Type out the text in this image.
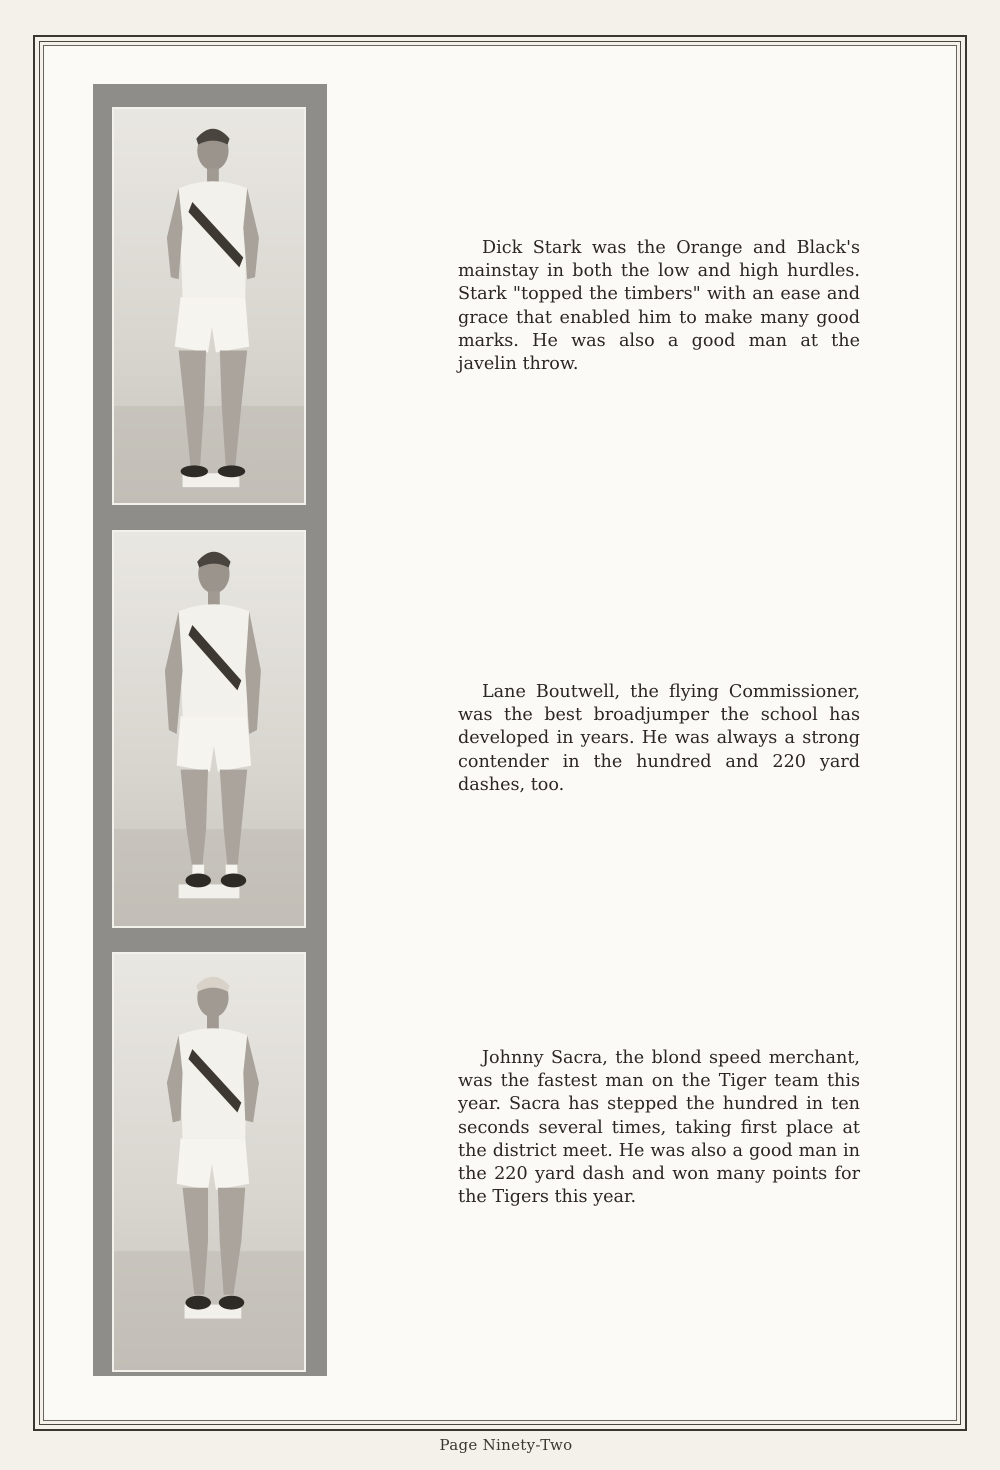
Dick Stark was the Orange and Black's mainstay in both the low and high hurdles. Stark "topped the timbers" with an ease and grace that enabled him to make many good marks. He was also a good man at the javelin throw.

Lane Boutwell, the flying Commissioner, was the best broadjumper the school has developed in years. He was always a strong contender in the hundred and 220 yard dashes, too.

Johnny Sacra, the blond speed merchant, was the fastest man on the Tiger team this year. Sacra has stepped the hundred in ten seconds several times, taking first place at the district meet. He was also a good man in the 220 yard dash and won many points for the Tigers this year.

Page Ninety-Two
